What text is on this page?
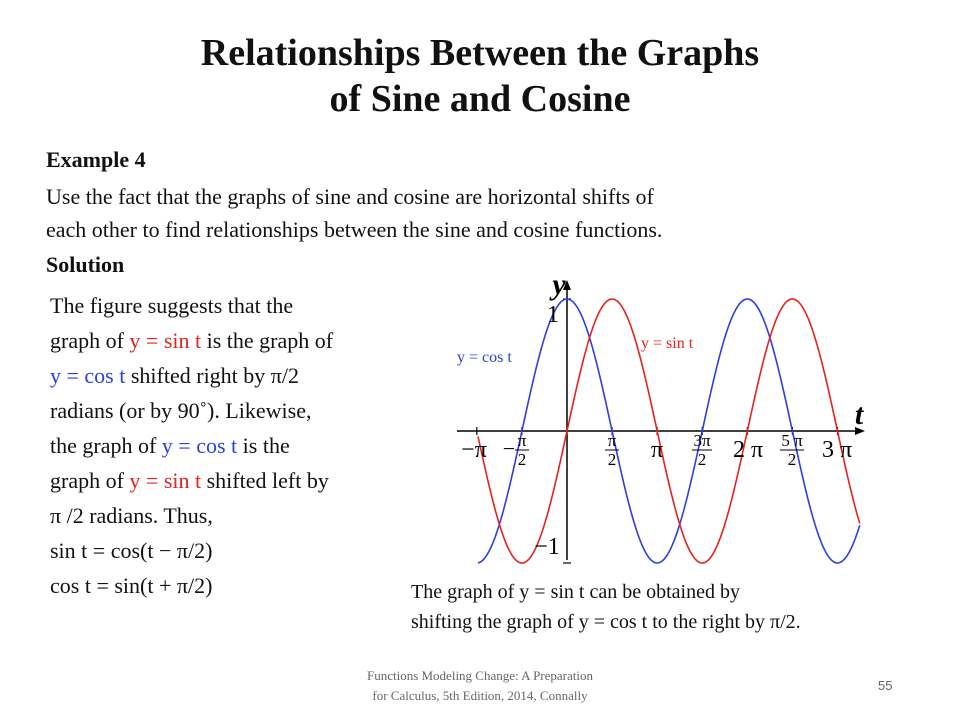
Relationships Between the Graphs
of Sine and Cosine
Example 4
Use the fact that the graphs of sine and cosine are horizontal shifts of
each other to find relationships between the sine and cosine functions.
Solution
The figure suggests that the
graph of y = sin t is the graph of
y = cos t shifted right by π/2
radians (or by 90˚). Likewise,
the graph of y = cos t is the
graph of y = sin t shifted left by
π /2 radians. Thus,
sin t = cos(t − π/2)
cos t = sin(t + π/2)
y
t
1
−1
y = cos t
y = sin t
−π − π
2
π
2 π 3π
2 2 π 5 π
2 3 π
The graph of y = sin t can be obtained by
shifting the graph of y = cos t to the right by π/2.
Functions Modeling Change: A Preparation
for Calculus, 5th Edition, 2014, Connally
55
